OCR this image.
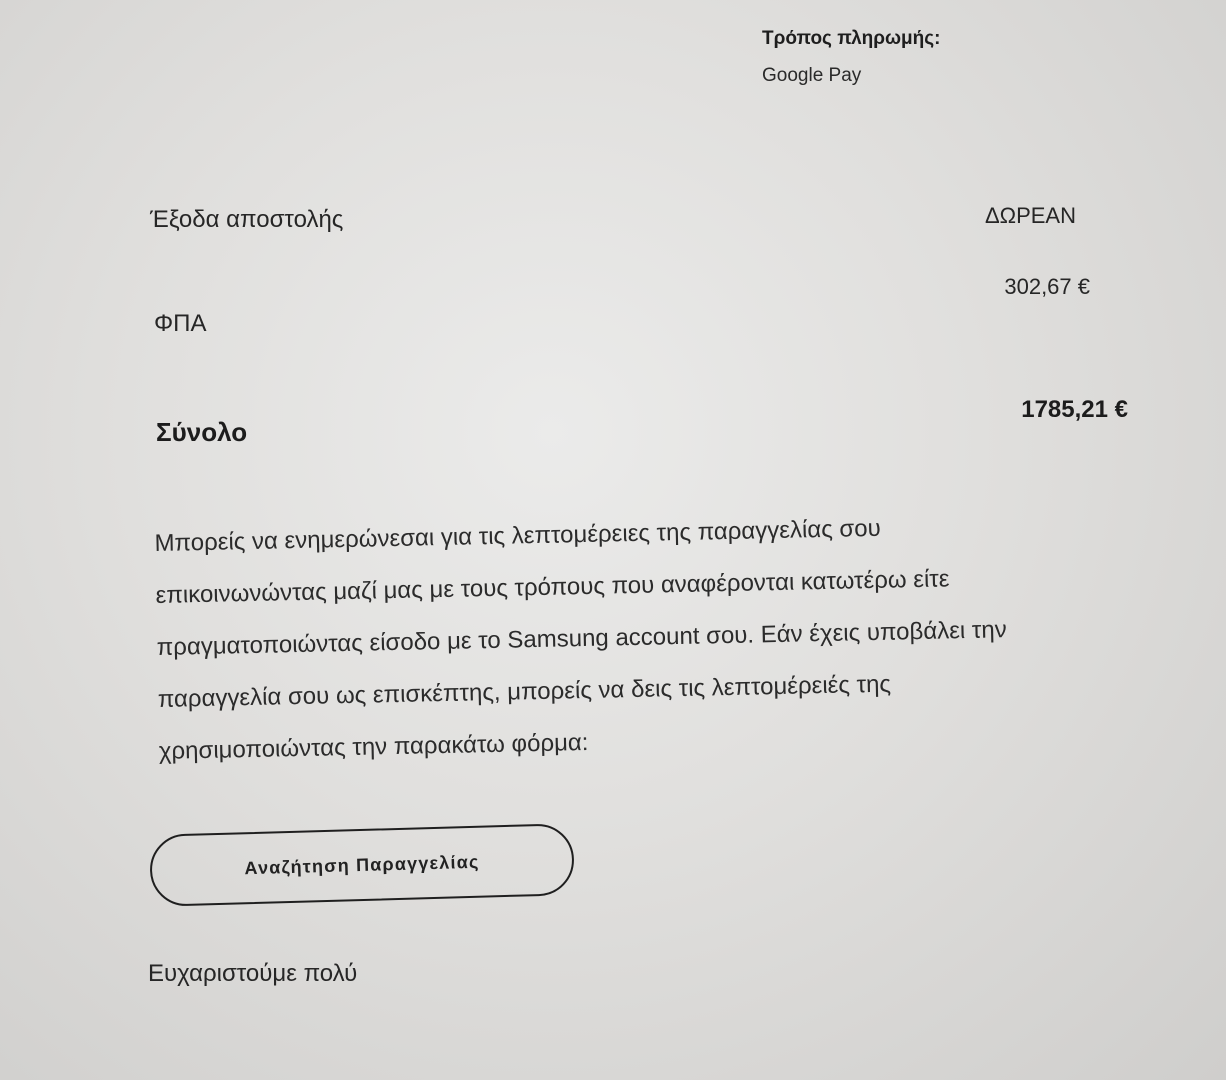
Τρόπος πληρωμής:
Google Pay
Έξοδα αποστολής	ΔΩΡΕΑΝ
ΦΠΑ
302,67 €
Σύνολο
1785,21 €
Μπορείς να ενημερώνεσαι για τις λεπτομέρειες της παραγγελίας σου
επικοινωνώντας μαζί μας με τους τρόπους που αναφέρονται κατωτέρω είτε
πραγματοποιώντας είσοδο με το Samsung account σου. Εάν έχεις υποβάλει την
παραγγελία σου ως επισκέπτης, μπορείς να δεις τις λεπτομέρειές της
χρησιμοποιώντας την παρακάτω φόρμα:
Αναζήτηση Παραγγελίας
Ευχαριστούμε πολύ
